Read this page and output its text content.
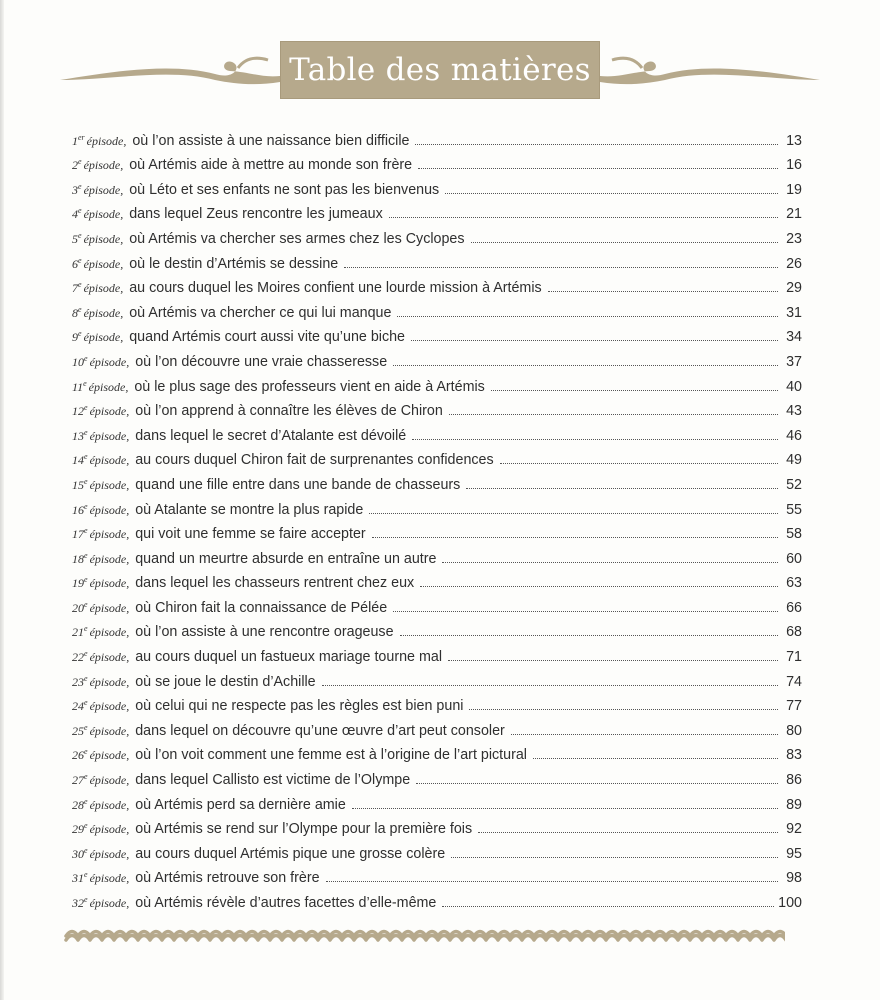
Table des matières
1er épisode, où l’on assiste à une naissance bien difficile	13
2e épisode, où Artémis aide à mettre au monde son frère	16
3e épisode, où Léto et ses enfants ne sont pas les bienvenus	19
4e épisode, dans lequel Zeus rencontre les jumeaux	21
5e épisode, où Artémis va chercher ses armes chez les Cyclopes	23
6e épisode, où le destin d’Artémis se dessine	26
7e épisode, au cours duquel les Moires confient une lourde mission à Artémis	29
8e épisode, où Artémis va chercher ce qui lui manque	31
9e épisode, quand Artémis court aussi vite qu’une biche	34
10e épisode, où l’on découvre une vraie chasseresse	37
11e épisode, où le plus sage des professeurs vient en aide à Artémis	40
12e épisode, où l’on apprend à connaître les élèves de Chiron	43
13e épisode, dans lequel le secret d’Atalante est dévoilé	46
14e épisode, au cours duquel Chiron fait de surprenantes confidences	49
15e épisode, quand une fille entre dans une bande de chasseurs	52
16e épisode, où Atalante se montre la plus rapide	55
17e épisode, qui voit une femme se faire accepter	58
18e épisode, quand un meurtre absurde en entraîne un autre	60
19e épisode, dans lequel les chasseurs rentrent chez eux	63
20e épisode, où Chiron fait la connaissance de Pélée	66
21e épisode, où l’on assiste à une rencontre orageuse	68
22e épisode, au cours duquel un fastueux mariage tourne mal	71
23e épisode, où se joue le destin d’Achille	74
24e épisode, où celui qui ne respecte pas les règles est bien puni	77
25e épisode, dans lequel on découvre qu’une œuvre d’art peut consoler	80
26e épisode, où l’on voit comment une femme est à l’origine de l’art pictural	83
27e épisode, dans lequel Callisto est victime de l’Olympe	86
28e épisode, où Artémis perd sa dernière amie	89
29e épisode, où Artémis se rend sur l’Olympe pour la première fois	92
30e épisode, au cours duquel Artémis pique une grosse colère	95
31e épisode, où Artémis retrouve son frère	98
32e épisode, où Artémis révèle d’autres facettes d’elle-même	100
